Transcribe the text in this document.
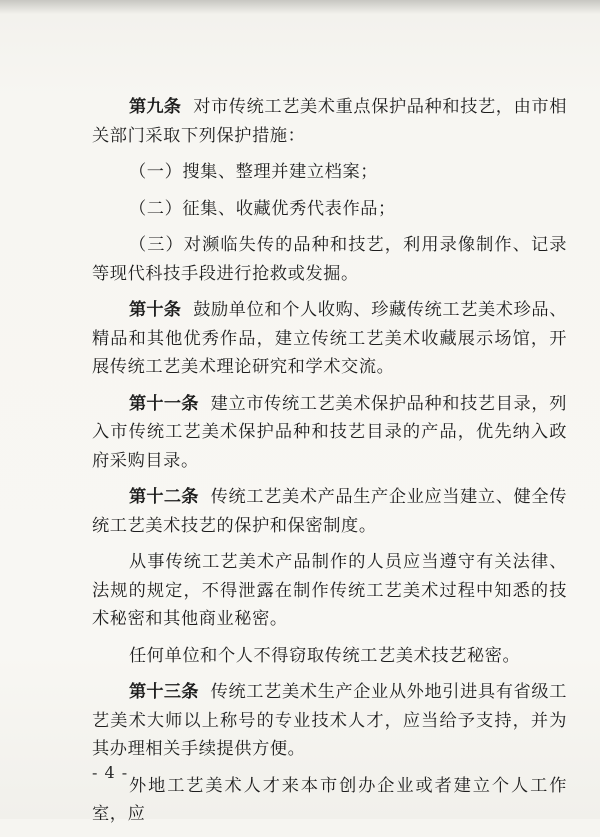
第九条 对市传统工艺美术重点保护品种和技艺，由市相关部门采取下列保护措施：

（一）搜集、整理并建立档案；

（二）征集、收藏优秀代表作品；

（三）对濒临失传的品种和技艺，利用录像制作、记录等现代科技手段进行抢救或发掘。

第十条 鼓励单位和个人收购、珍藏传统工艺美术珍品、精品和其他优秀作品，建立传统工艺美术收藏展示场馆，开展传统工艺美术理论研究和学术交流。

第十一条 建立市传统工艺美术保护品种和技艺目录，列入市传统工艺美术保护品种和技艺目录的产品，优先纳入政府采购目录。

第十二条 传统工艺美术产品生产企业应当建立、健全传统工艺美术技艺的保护和保密制度。

从事传统工艺美术产品制作的人员应当遵守有关法律、法规的规定，不得泄露在制作传统工艺美术过程中知悉的技术秘密和其他商业秘密。

任何单位和个人不得窃取传统工艺美术技艺秘密。

第十三条 传统工艺美术生产企业从外地引进具有省级工艺美术大师以上称号的专业技术人才，应当给予支持，并为其办理相关手续提供方便。

外地工艺美术人才来本市创办企业或者建立个人工作室，应

- 4 -
